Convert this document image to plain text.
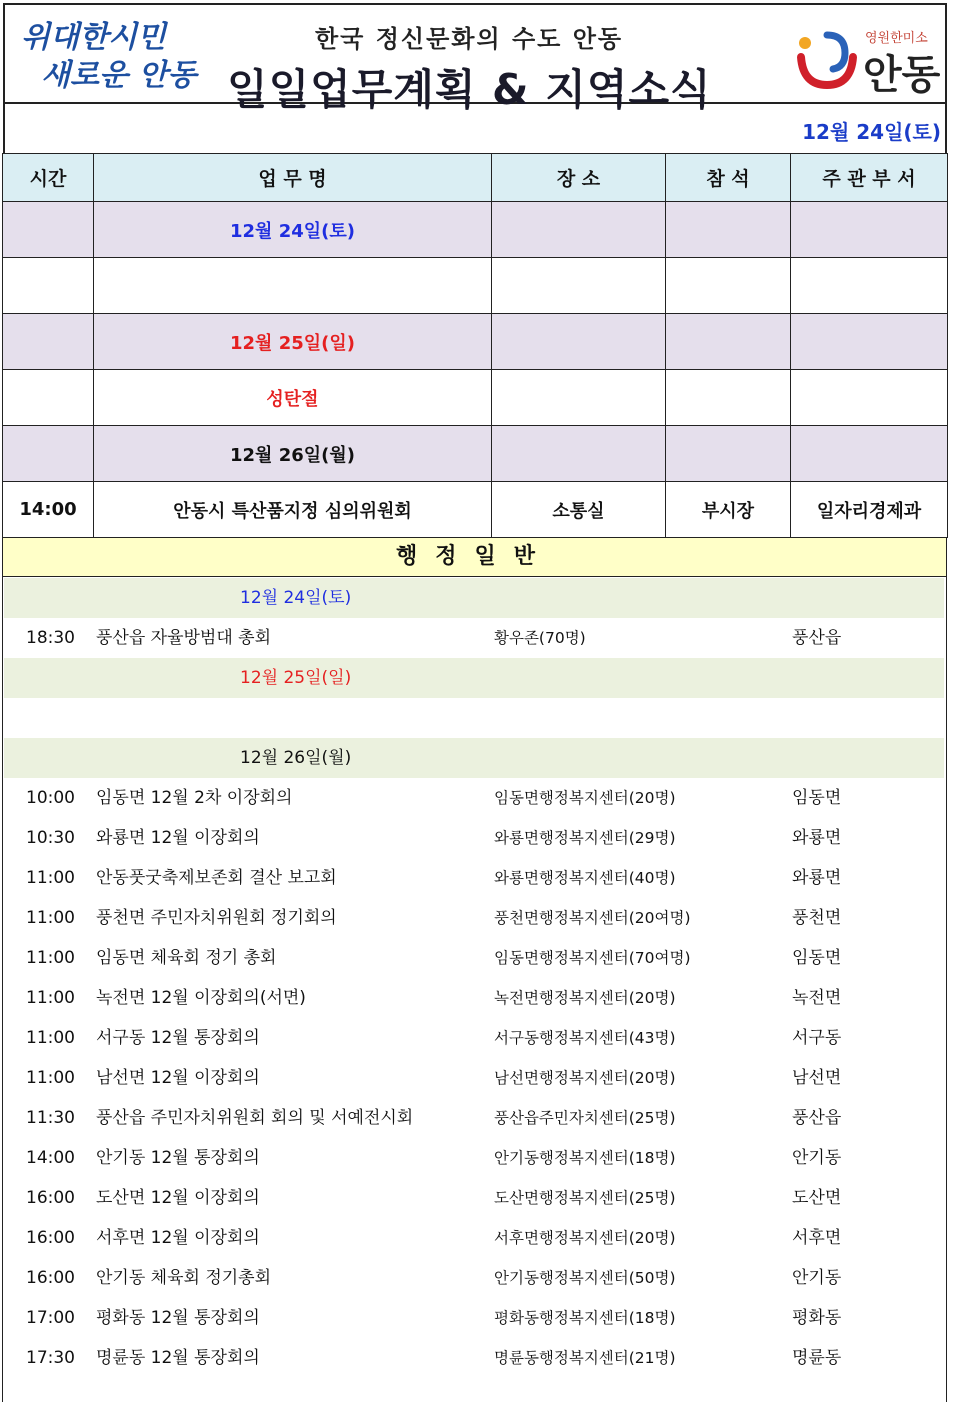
위대한시민
새로운 안동
한국 정신문화의 수도 안동
일일업무계획 & 지역소식
영원한미소
안동
12월 24일(토)
시간	업 무 명	장 소	참 석	주 관 부 서
	12월 24일(토)			

	12월 25일(일)			
	성탄절			
	12월 26일(월)			
14:00	안동시 특산품지정 심의위원회	소통실	부시장	일자리경제과
행정일반
12월 24일(토)
18:30 풍산읍 자율방범대 총회	황우존(70명)	풍산읍
12월 25일(일)
12월 26일(월)
10:00 임동면 12월 2차 이장회의	임동면행정복지센터(20명)	임동면
10:30 와룡면 12월 이장회의	와룡면행정복지센터(29명)	와룡면
11:00 안동풋굿축제보존회 결산 보고회	와룡면행정복지센터(40명)	와룡면
11:00 풍천면 주민자치위원회 정기회의	풍천면행정복지센터(20여명)	풍천면
11:00 임동면 체육회 정기 총회	임동면행정복지센터(70여명)	임동면
11:00 녹전면 12월 이장회의(서면)	녹전면행정복지센터(20명)	녹전면
11:00 서구동 12월 통장회의	서구동행정복지센터(43명)	서구동
11:00 남선면 12월 이장회의	남선면행정복지센터(20명)	남선면
11:30 풍산읍 주민자치위원회 회의 및 서예전시회	풍산읍주민자치센터(25명)	풍산읍
14:00 안기동 12월 통장회의	안기동행정복지센터(18명)	안기동
16:00 도산면 12월 이장회의	도산면행정복지센터(25명)	도산면
16:00 서후면 12월 이장회의	서후면행정복지센터(20명)	서후면
16:00 안기동 체육회 정기총회	안기동행정복지센터(50명)	안기동
17:00 평화동 12월 통장회의	평화동행정복지센터(18명)	평화동
17:30 명륜동 12월 통장회의	명륜동행정복지센터(21명)	명륜동
